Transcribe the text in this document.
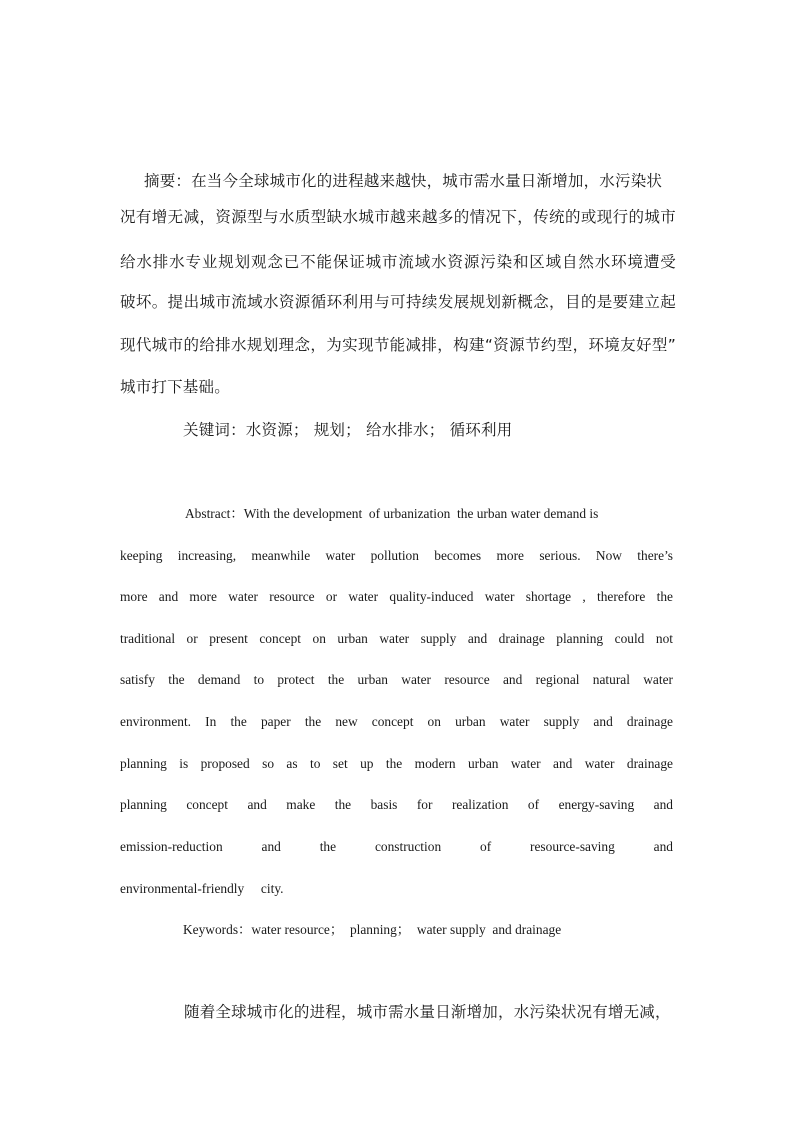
摘要：在当今全球城市化的进程越来越快，城市需水量日渐增加，水污染状
况有增无减，资源型与水质型缺水城市越来越多的情况下，传统的或现行的城市
给水排水专业规划观念已不能保证城市流域水资源污染和区域自然水环境遭受
破坏。提出城市流域水资源循环利用与可持续发展规划新概念，目的是要建立起
现代城市的给排水规划理念，为实现节能减排，构建“资源节约型，环境友好型”
城市打下基础。
关键词：水资源； 规划； 给水排水； 循环利用
Abstract：With the development  of urbanization  the urban water demand is
keeping increasing, meanwhile water pollution becomes more serious. Now there’s
more and more water resource or water quality-induced water shortage , therefore the
traditional or present concept on urban water supply and drainage planning could not
satisfy the demand to protect the urban water resource and regional natural water
environment. In the paper the new concept on urban water supply and drainage
planning is proposed so as to set up the modern urban water and water drainage
planning concept and make the basis for realization of energy-saving and
emission-reduction and the construction of resource-saving and
environmental-friendly     city.
Keywords：water resource；  planning；  water supply  and drainage
随着全球城市化的进程，城市需水量日渐增加，水污染状况有增无减，
